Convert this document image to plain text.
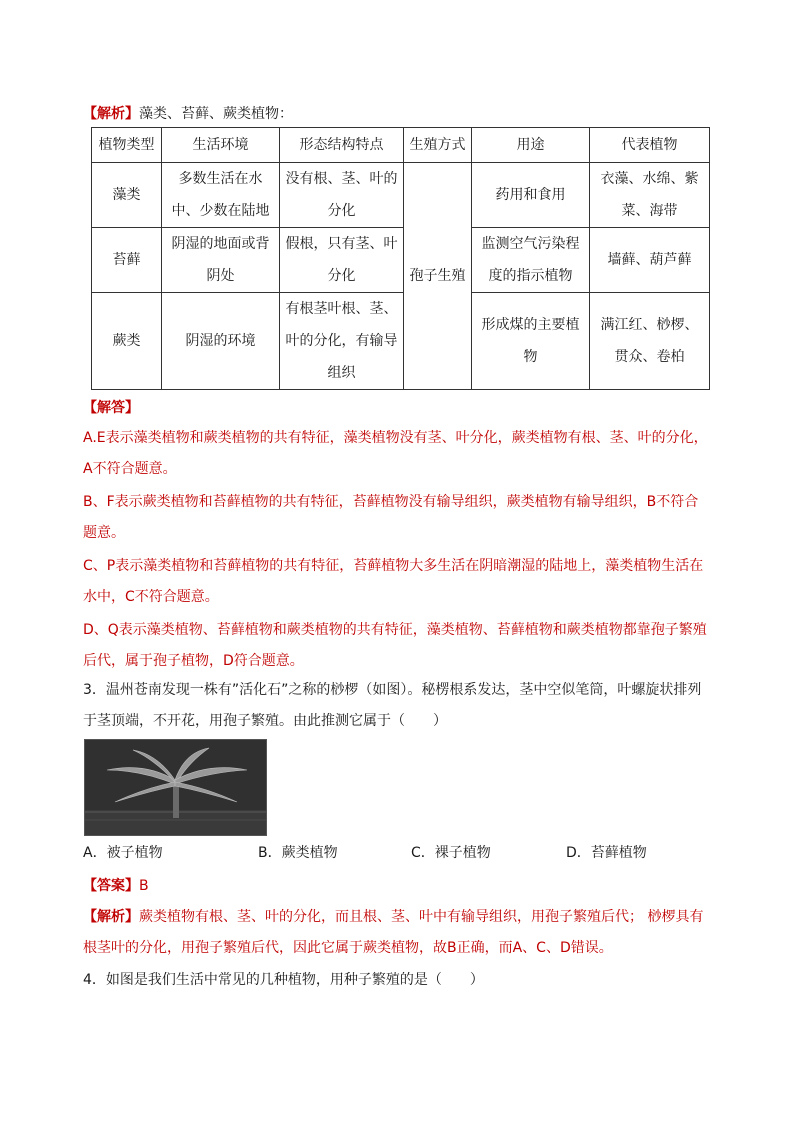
【解析】藻类、苔藓、蕨类植物：
植物类型	生活环境	形态结构特点	生殖方式	用途	代表植物
藻类	多数生活在水中、少数在陆地	没有根、茎、叶的分化	孢子生殖	药用和食用	衣藻、水绵、紫菜、海带
苔藓	阴湿的地面或背阴处	假根，只有茎、叶分化		监测空气污染程度的指示植物	墙藓、葫芦藓
蕨类	阴湿的环境	有根茎叶根、茎、叶的分化，有输导组织		形成煤的主要植物	满江红、桫椤、贯众、卷柏
【解答】
A.E表示藻类植物和蕨类植物的共有特征，藻类植物没有茎、叶分化，蕨类植物有根、茎、叶的分化，A不符合题意。
B、F表示蕨类植物和苔藓植物的共有特征，苔藓植物没有输导组织，蕨类植物有输导组织，B不符合题意。
C、P表示藻类植物和苔藓植物的共有特征，苔藓植物大多生活在阴暗潮湿的陆地上，藻类植物生活在水中，C不符合题意。
D、Q表示藻类植物、苔藓植物和蕨类植物的共有特征，藻类植物、苔藓植物和蕨类植物都靠孢子繁殖后代，属于孢子植物，D符合题意。
3．温州苍南发现一株有”活化石”之称的桫椤（如图）。秘楞根系发达，茎中空似笔筒，叶螺旋状排列于茎顶端，不开花，用孢子繁殖。由此推测它属于（　　）
A．被子植物	B．蕨类植物	C．裸子植物	D．苔藓植物
【答案】B
【解析】蕨类植物有根、茎、叶的分化，而且根、茎、叶中有输导组织，用孢子繁殖后代； 桫椤具有根茎叶的分化，用孢子繁殖后代，因此它属于蕨类植物，故B正确，而A、C、D错误。
4．如图是我们生活中常见的几种植物，用种子繁殖的是（　　）
